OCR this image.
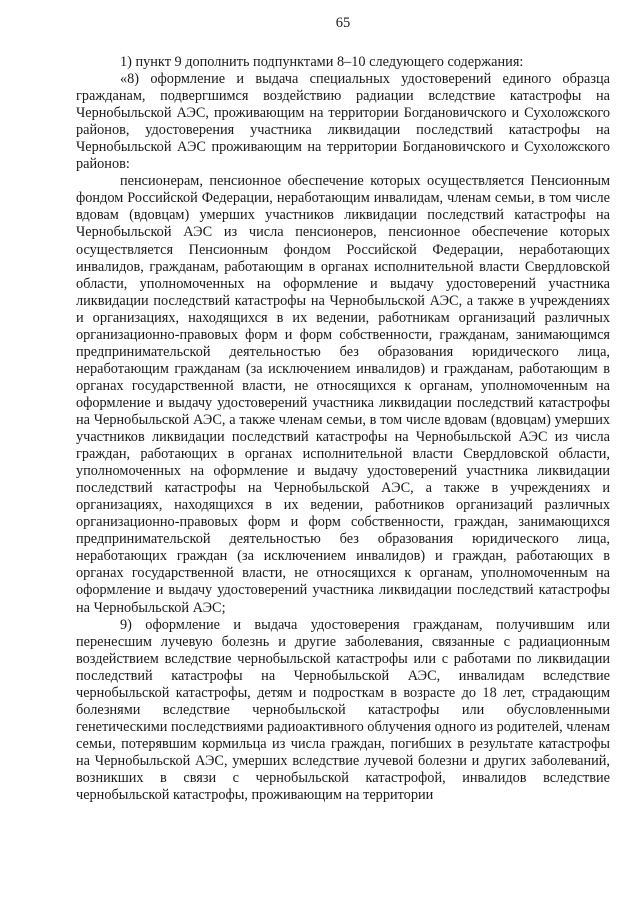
65

1) пункт 9 дополнить подпунктами 8–10 следующего содержания:

«8) оформление и выдача специальных удостоверений единого образца гражданам, подвергшимся воздействию радиации вследствие катастрофы на Чернобыльской АЭС, проживающим на территории Богдановичского и Сухоложского районов, удостоверения участника ликвидации последствий катастрофы на Чернобыльской АЭС проживающим на территории Богдановичского и Сухоложского районов:

пенсионерам, пенсионное обеспечение которых осуществляется Пенсионным фондом Российской Федерации, неработающим инвалидам, членам семьи, в том числе вдовам (вдовцам) умерших участников ликвидации последствий катастрофы на Чернобыльской АЭС из числа пенсионеров, пенсионное обеспечение которых осуществляется Пенсионным фондом Российской Федерации, неработающих инвалидов, гражданам, работающим в органах исполнительной власти Свердловской области, уполномоченных на оформление и выдачу удостоверений участника ликвидации последствий катастрофы на Чернобыльской АЭС, а также в учреждениях и организациях, находящихся в их ведении, работникам организаций различных организационно-правовых форм и форм собственности, гражданам, занимающимся предпринимательской деятельностью без образования юридического лица, неработающим гражданам (за исключением инвалидов) и гражданам, работающим в органах государственной власти, не относящихся к органам, уполномоченным на оформление и выдачу удостоверений участника ликвидации последствий катастрофы на Чернобыльской АЭС, а также членам семьи, в том числе вдовам (вдовцам) умерших участников ликвидации последствий катастрофы на Чернобыльской АЭС из числа граждан, работающих в органах исполнительной власти Свердловской области, уполномоченных на оформление и выдачу удостоверений участника ликвидации последствий катастрофы на Чернобыльской АЭС, а также в учреждениях и организациях, находящихся в их ведении, работников организаций различных организационно-правовых форм и форм собственности, граждан, занимающихся предпринимательской деятельностью без образования юридического лица, неработающих граждан (за исключением инвалидов) и граждан, работающих в органах государственной власти, не относящихся к органам, уполномоченным на оформление и выдачу удостоверений участника ликвидации последствий катастрофы на Чернобыльской АЭС;

9) оформление и выдача удостоверения гражданам, получившим или перенесшим лучевую болезнь и другие заболевания, связанные с радиационным воздействием вследствие чернобыльской катастрофы или с работами по ликвидации последствий катастрофы на Чернобыльской АЭС, инвалидам вследствие чернобыльской катастрофы, детям и подросткам в возрасте до 18 лет, страдающим болезнями вследствие чернобыльской катастрофы или обусловленными генетическими последствиями радиоактивного облучения одного из родителей, членам семьи, потерявшим кормильца из числа граждан, погибших в результате катастрофы на Чернобыльской АЭС, умерших вследствие лучевой болезни и других заболеваний, возникших в связи с чернобыльской катастрофой, инвалидов вследствие чернобыльской катастрофы, проживающим на территории
